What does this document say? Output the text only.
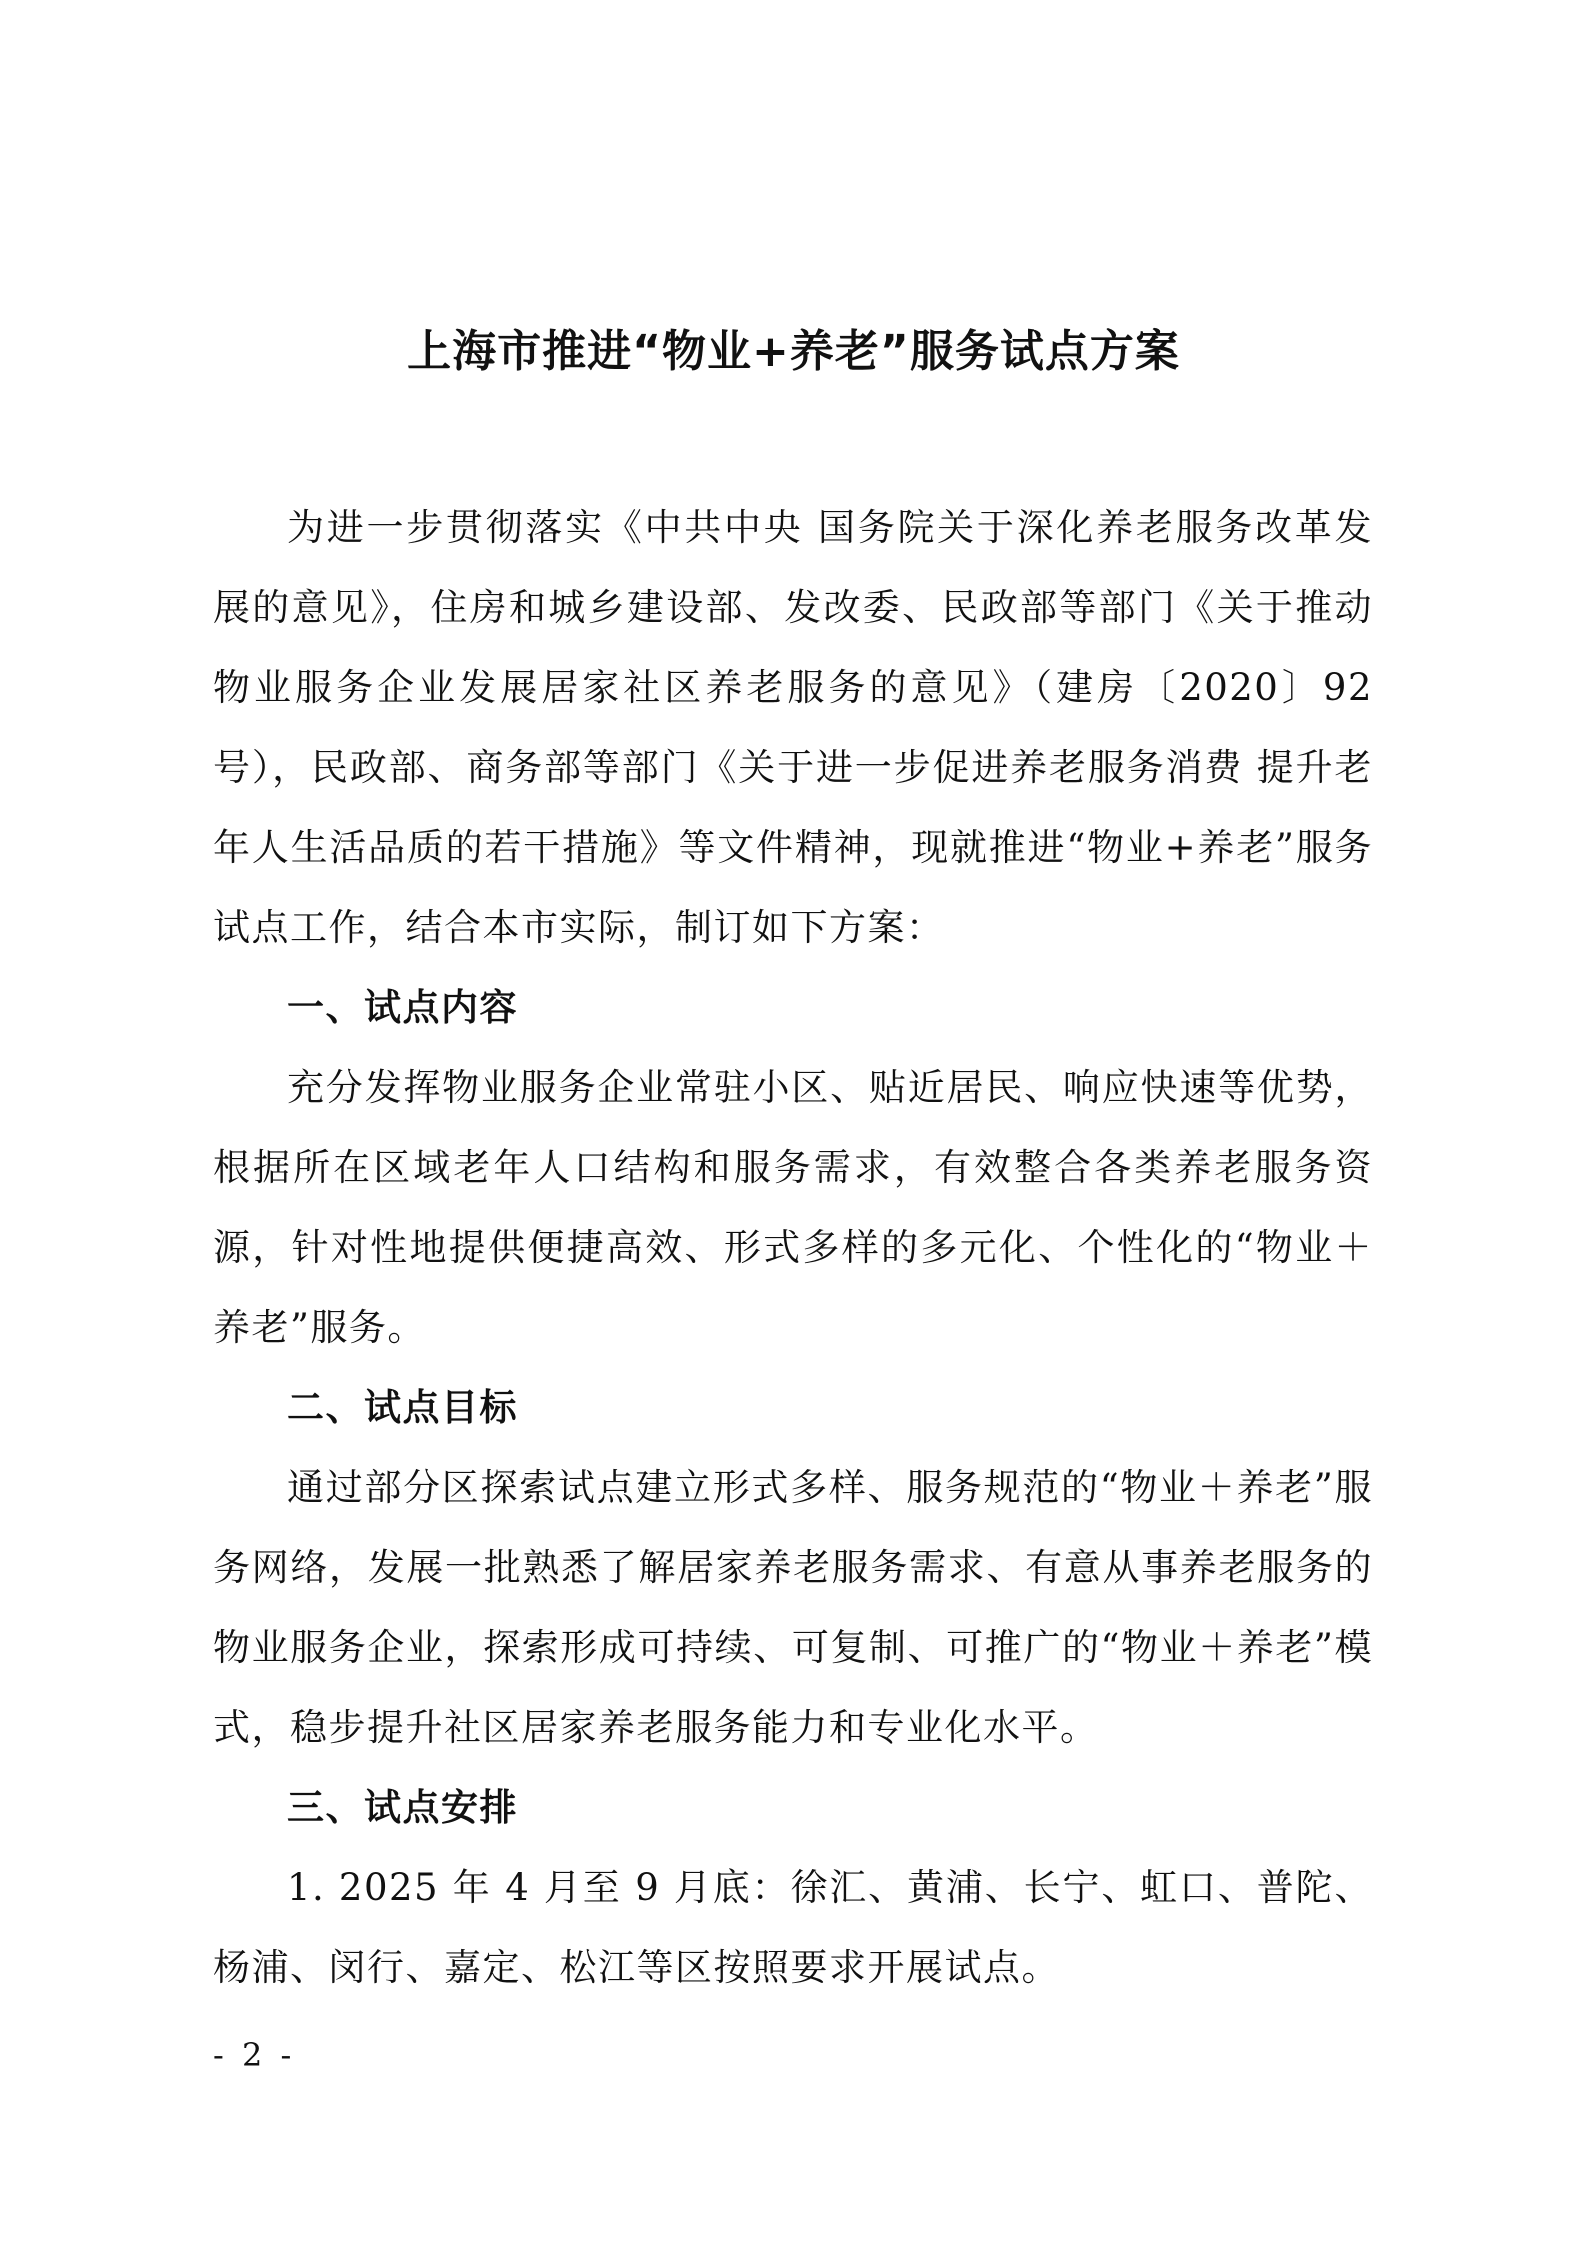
上海市推进“物业+养老”服务试点方案

为进一步贯彻落实《中共中央 国务院关于深化养老服务改革发展的意见》，住房和城乡建设部、发改委、民政部等部门《关于推动物业服务企业发展居家社区养老服务的意见》（建房〔2020〕92号），民政部、商务部等部门《关于进一步促进养老服务消费 提升老年人生活品质的若干措施》等文件精神，现就推进“物业+养老”服务试点工作，结合本市实际，制订如下方案：

一、试点内容

充分发挥物业服务企业常驻小区、贴近居民、响应快速等优势，根据所在区域老年人口结构和服务需求，有效整合各类养老服务资源，针对性地提供便捷高效、形式多样的多元化、个性化的“物业＋养老”服务。

二、试点目标

通过部分区探索试点建立形式多样、服务规范的“物业＋养老”服务网络，发展一批熟悉了解居家养老服务需求、有意从事养老服务的物业服务企业，探索形成可持续、可复制、可推广的“物业＋养老”模式，稳步提升社区居家养老服务能力和专业化水平。

三、试点安排

1. 2025 年 4 月至 9 月底：徐汇、黄浦、长宁、虹口、普陀、杨浦、闵行、嘉定、松江等区按照要求开展试点。

- 2 -
